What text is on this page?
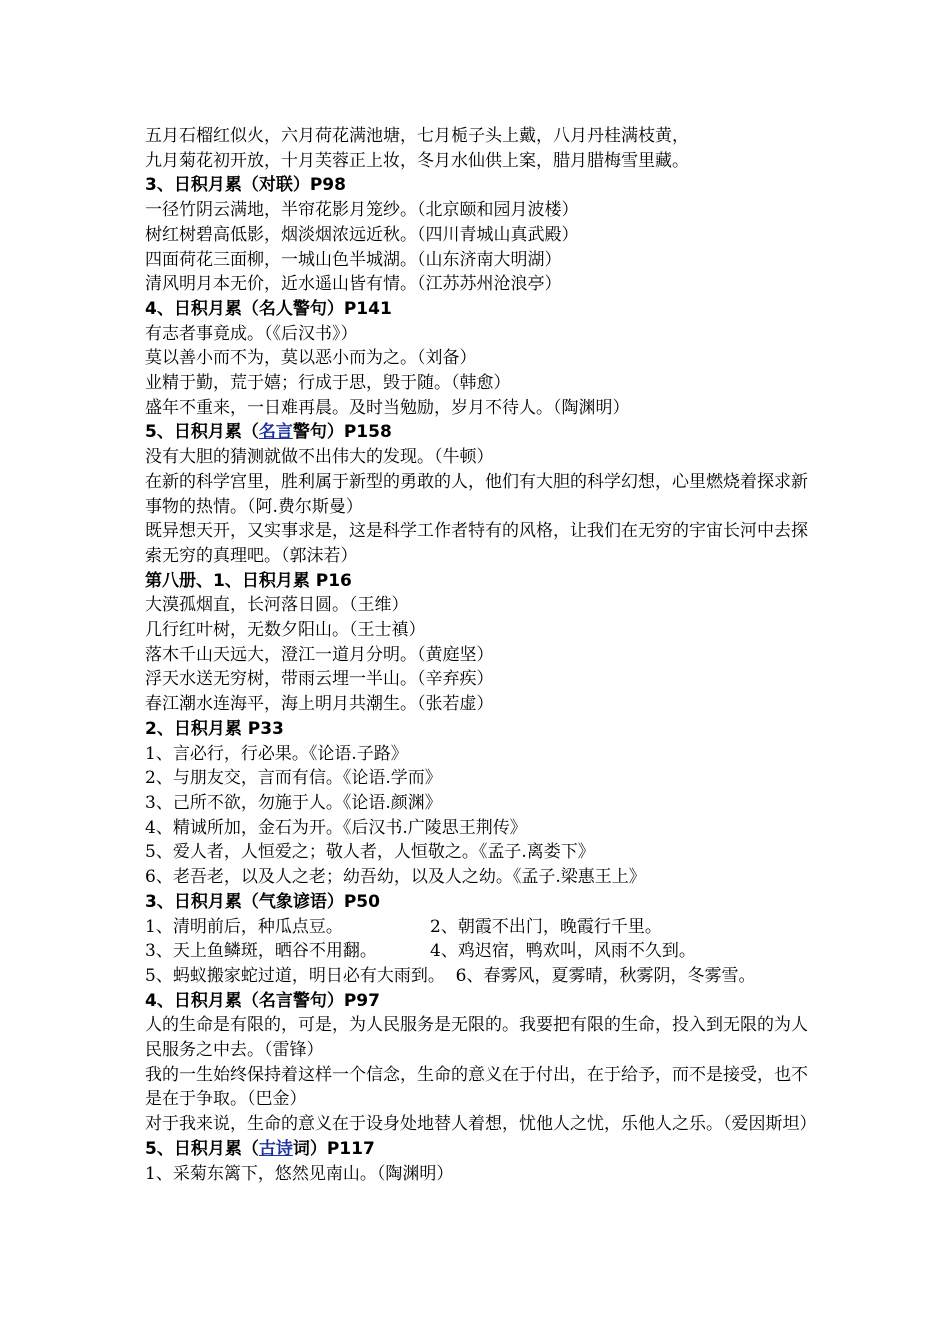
五月石榴红似火，六月荷花满池塘，七月栀子头上戴，八月丹桂满枝黄，
九月菊花初开放，十月芙蓉正上妆，冬月水仙供上案，腊月腊梅雪里藏。
3、日积月累（对联）P98
一径竹阴云满地，半帘花影月笼纱。（北京颐和园月波楼）
树红树碧高低影，烟淡烟浓远近秋。（四川青城山真武殿）
四面荷花三面柳，一城山色半城湖。（山东济南大明湖）
清风明月本无价，近水遥山皆有情。（江苏苏州沧浪亭）
4、日积月累（名人警句）P141
有志者事竟成。（《后汉书》）
莫以善小而不为，莫以恶小而为之。（刘备）
业精于勤，荒于嬉；行成于思，毁于随。（韩愈）
盛年不重来，一日难再晨。及时当勉励，岁月不待人。（陶渊明）
5、日积月累（名言警句）P158
没有大胆的猜测就做不出伟大的发现。（牛顿）
在新的科学宫里，胜利属于新型的勇敢的人，他们有大胆的科学幻想，心里燃烧着探求新事物的热情。（阿.费尔斯曼）
既异想天开，又实事求是，这是科学工作者特有的风格，让我们在无穷的宇宙长河中去探索无穷的真理吧。（郭沫若）
第八册、1、日积月累 P16
大漠孤烟直，长河落日圆。（王维）
几行红叶树，无数夕阳山。（王士禛）
落木千山天远大，澄江一道月分明。（黄庭坚）
浮天水送无穷树，带雨云埋一半山。（辛弃疾）
春江潮水连海平，海上明月共潮生。（张若虚）
2、日积月累 P33
1、言必行，行必果。《论语.子路》
2、与朋友交，言而有信。《论语.学而》
3、己所不欲，勿施于人。《论语.颜渊》
4、精诚所加，金石为开。《后汉书.广陵思王荆传》
5、爱人者，人恒爱之；敬人者，人恒敬之。《孟子.离娄下》
6、老吾老，以及人之老；幼吾幼，以及人之幼。《孟子.梁惠王上》
3、日积月累（气象谚语）P50
1、清明前后，种瓜点豆。	2、朝霞不出门，晚霞行千里。
3、天上鱼鳞斑，晒谷不用翻。	4、鸡迟宿，鸭欢叫，风雨不久到。
5、蚂蚁搬家蛇过道，明日必有大雨到。  6、春雾风，夏雾晴，秋雾阴，冬雾雪。
4、日积月累（名言警句）P97
人的生命是有限的，可是，为人民服务是无限的。我要把有限的生命，投入到无限的为人民服务之中去。（雷锋）
我的一生始终保持着这样一个信念，生命的意义在于付出，在于给予，而不是接受，也不是在于争取。（巴金）
对于我来说，生命的意义在于设身处地替人着想，忧他人之忧，乐他人之乐。（爱因斯坦）
5、日积月累（古诗词）P117
1、采菊东篱下，悠然见南山。（陶渊明）
